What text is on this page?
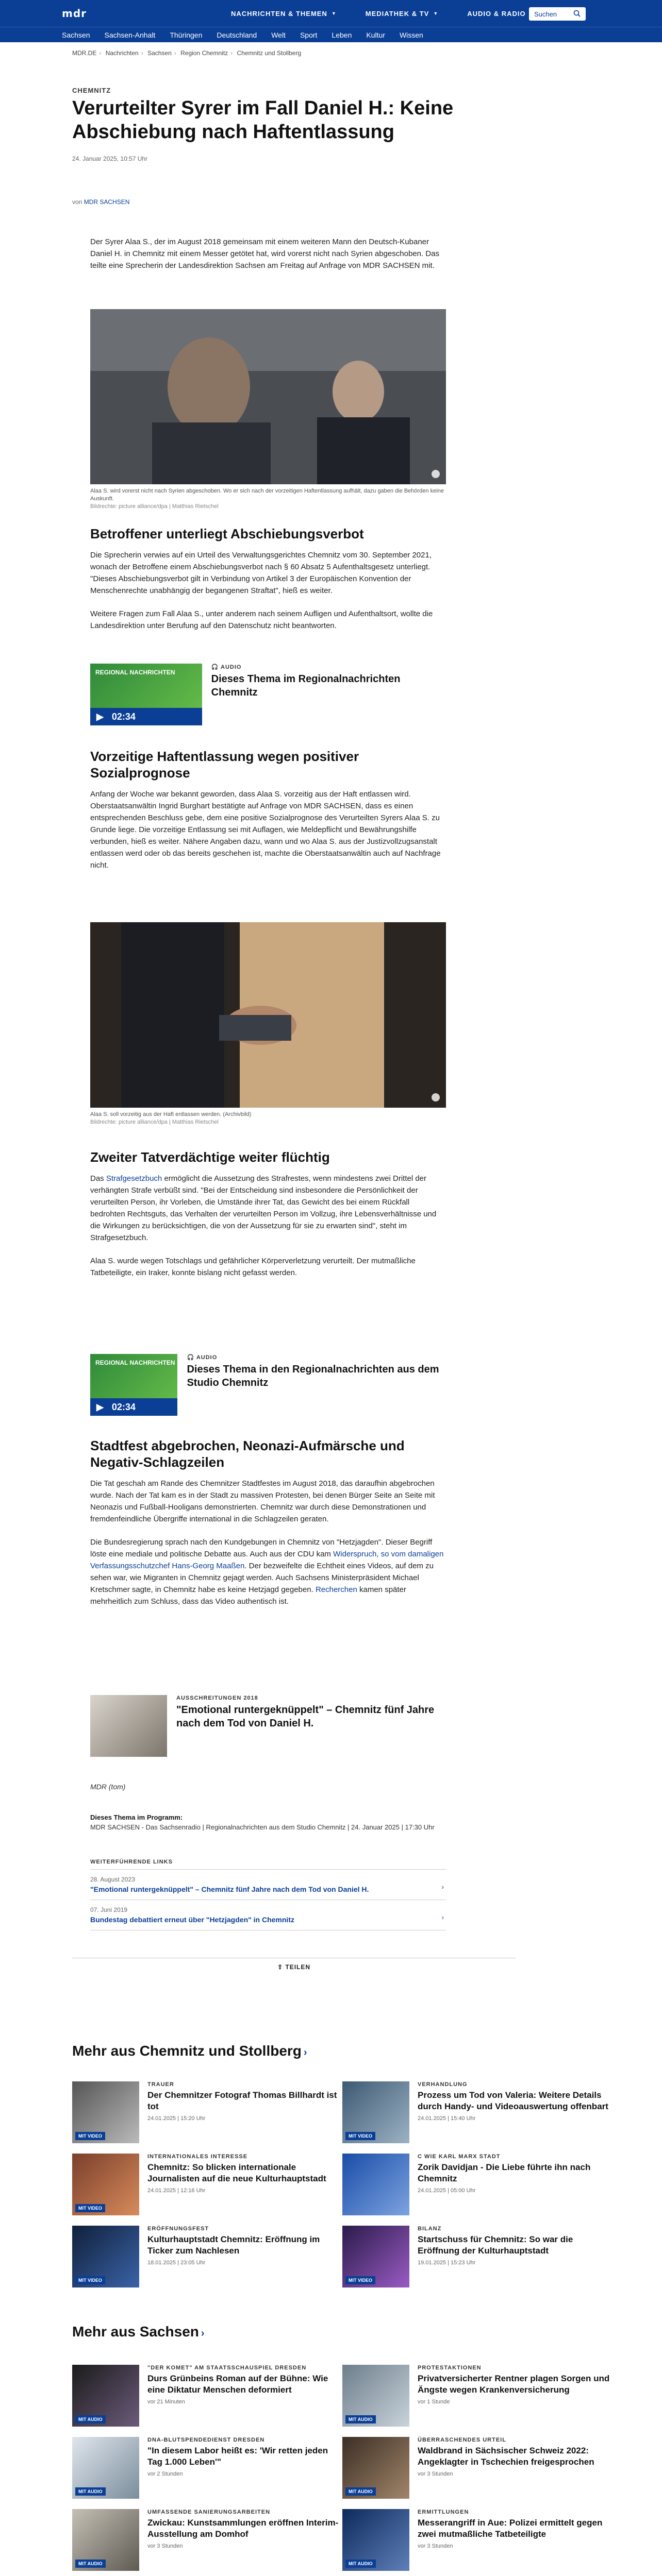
mdr	NACHRICHTEN & THEMEN ▼	MEDIATHEK & TV ▼	AUDIO & RADIO Suchen
Sachsen Sachsen-Anhalt Thüringen Deutschland Welt Sport Leben Kultur Wissen
MDR.DE › Nachrichten › Sachsen › Region Chemnitz › Chemnitz und Stollberg
CHEMNITZ
Verurteilter Syrer im Fall Daniel H.: Keine Abschiebung nach Haftentlassung
24. Januar 2025, 10:57 Uhr
von MDR SACHSEN
Der Syrer Alaa S., der im August 2018 gemeinsam mit einem weiteren Mann den Deutsch-Kubaner Daniel H. in Chemnitz mit einem Messer getötet hat, wird vorerst nicht nach Syrien abgeschoben. Das teilte eine Sprecherin der Landesdirektion Sachsen am Freitag auf Anfrage von MDR SACHSEN mit.
Alaa S. wird vorerst nicht nach Syrien abgeschoben. Wo er sich nach der vorzeitigen Haftentlassung aufhält, dazu gaben die Behörden keine Auskunft.
Bildrechte: picture alliance/dpa | Matthias Rietschel
Betroffener unterliegt Abschiebungsverbot

Die Sprecherin verwies auf ein Urteil des Verwaltungsgerichtes Chemnitz vom 30. September 2021, wonach der Betroffene einem Abschiebungsverbot nach § 60 Absatz 5 Aufenthaltsgesetz unterliegt. "Dieses Abschiebungsverbot gilt in Verbindung von Artikel 3 der Europäischen Konvention der Menschenrechte unabhängig der begangenen Straftat", hieß es weiter.

Weitere Fragen zum Fall Alaa S., unter anderem nach seinem Aufligen und Aufenthaltsort, wollte die Landesdirektion unter Berufung auf den Datenschutz nicht beantworten.

REGIONAL NACHRICHTEN
▶ 02:34
🎧 AUDIO
Dieses Thema im Regionalnachrichten Chemnitz
Vorzeitige Haftentlassung wegen positiver Sozialprognose

Anfang der Woche war bekannt geworden, dass Alaa S. vorzeitig aus der Haft entlassen wird. Oberstaatsanwältin Ingrid Burghart bestätigte auf Anfrage von MDR SACHSEN, dass es einen entsprechenden Beschluss gebe, dem eine positive Sozialprognose des Verurteilten Syrers Alaa S. zu Grunde liege. Die vorzeitige Entlassung sei mit Auflagen, wie Meldepflicht und Bewährungshilfe verbunden, hieß es weiter. Nähere Angaben dazu, wann und wo Alaa S. aus der Justizvollzugsanstalt entlassen werd oder ob das bereits geschehen ist, machte die Oberstaatsanwältin auch auf Nachfrage nicht.

Alaa S. soll vorzeitig aus der Haft entlassen werden. (Archivbild)
Bildrechte: picture alliance/dpa | Matthias Rietschel
Zweiter Tatverdächtige weiter flüchtig

Das Strafgesetzbuch ermöglicht die Aussetzung des Strafrestes, wenn mindestens zwei Drittel der verhängten Strafe verbüßt sind. "Bei der Entscheidung sind insbesondere die Persönlichkeit der verurteilten Person, ihr Vorleben, die Umstände ihrer Tat, das Gewicht des bei einem Rückfall bedrohten Rechtsguts, das Verhalten der verurteilten Person im Vollzug, ihre Lebensverhältnisse und die Wirkungen zu berücksichtigen, die von der Aussetzung für sie zu erwarten sind", steht im Strafgesetzbuch.

Alaa S. wurde wegen Totschlags und gefährlicher Körperverletzung verurteilt. Der mutmaßliche Tatbeteiligte, ein Iraker, konnte bislang nicht gefasst werden.

REGIONAL NACHRICHTEN
▶ 02:34
🎧 AUDIO
Dieses Thema in den Regionalnachrichten aus dem Studio Chemnitz
Stadtfest abgebrochen, Neonazi-Aufmärsche und Negativ-Schlagzeilen

Die Tat geschah am Rande des Chemnitzer Stadtfestes im August 2018, das daraufhin abgebrochen wurde. Nach der Tat kam es in der Stadt zu massiven Protesten, bei denen Bürger Seite an Seite mit Neonazis und Fußball-Hooligans demonstrierten. Chemnitz war durch diese Demonstrationen und fremdenfeindliche Übergriffe international in die Schlagzeilen geraten.

Die Bundesregierung sprach nach den Kundgebungen in Chemnitz von "Hetzjagden". Dieser Begriff löste eine mediale und politische Debatte aus. Auch aus der CDU kam Widerspruch, so vom damaligen Verfassungsschutzchef Hans-Georg Maaßen. Der bezweifelte die Echtheit eines Videos, auf dem zu sehen war, wie Migranten in Chemnitz gejagt werden. Auch Sachsens Ministerpräsident Michael Kretschmer sagte, in Chemnitz habe es keine Hetzjagd gegeben. Recherchen kamen später mehrheitlich zum Schluss, dass das Video authentisch ist.

AUSSCHREITUNGEN 2018
"Emotional runtergeknüppelt" – Chemnitz fünf Jahre nach dem Tod von Daniel H.
MDR (tom)
Dieses Thema im Programm:
MDR SACHSEN - Das Sachsenradio | Regionalnachrichten aus dem Studio Chemnitz | 24. Januar 2025 | 17:30 Uhr
WEITERFÜHRENDE LINKS
28. August 2023
"Emotional runtergeknüppelt" – Chemnitz fünf Jahre nach dem Tod von Daniel H.	›
07. Juni 2019
Bundestag debattiert erneut über "Hetzjagden" in Chemnitz	›
⇪ TEILEN
Mehr aus Chemnitz und Stollberg ›
MIT VIDEO
TRAUER
Der Chemnitzer Fotograf Thomas Billhardt ist tot
24.01.2025 | 15:20 Uhr
MIT VIDEO
VERHANDLUNG
Prozess um Tod von Valeria: Weitere Details durch Handy- und Videoauswertung offenbart
24.01.2025 | 15:40 Uhr
MIT VIDEO
INTERNATIONALES INTERESSE
Chemnitz: So blicken internationale Journalisten auf die neue Kulturhauptstadt
24.01.2025 | 12:16 Uhr
C WIE KARL MARX STADT
Zorik Davidjan - Die Liebe führte ihn nach Chemnitz
24.01.2025 | 05:00 Uhr
MIT VIDEO
ERÖFFNUNGSFEST
Kulturhauptstadt Chemnitz: Eröffnung im Ticker zum Nachlesen
18.01.2025 | 23:05 Uhr
MIT VIDEO
BILANZ
Startschuss für Chemnitz: So war die Eröffnung der Kulturhauptstadt
19.01.2025 | 15:23 Uhr
Mehr aus Sachsen ›
MIT AUDIO
"DER KOMET" AM STAATSSCHAUSPIEL DRESDEN
Durs Grünbeins Roman auf der Bühne: Wie eine Diktatur Menschen deformiert
vor 21 Minuten
MIT AUDIO
PROTESTAKTIONEN
Privatversicherter Rentner plagen Sorgen und Ängste wegen Krankenversicherung
vor 1 Stunde
MIT AUDIO
DNA-BLUTSPENDEDIENST DRESDEN
"In diesem Labor heißt es: 'Wir retten jeden Tag 1.000 Leben'"
vor 2 Stunden
MIT AUDIO
ÜBERRASCHENDES URTEIL
Waldbrand in Sächsischer Schweiz 2022: Angeklagter in Tschechien freigesprochen
vor 3 Stunden
MIT AUDIO
UMFASSENDE SANIERUNGSARBEITEN
Zwickau: Kunstsammlungen eröffnen Interim-Ausstellung am Domhof
vor 3 Stunden
MIT AUDIO
ERMITTLUNGEN
Messerangriff in Aue: Polizei ermittelt gegen zwei mutmaßliche Tatbeteiligte
vor 3 Stunden
